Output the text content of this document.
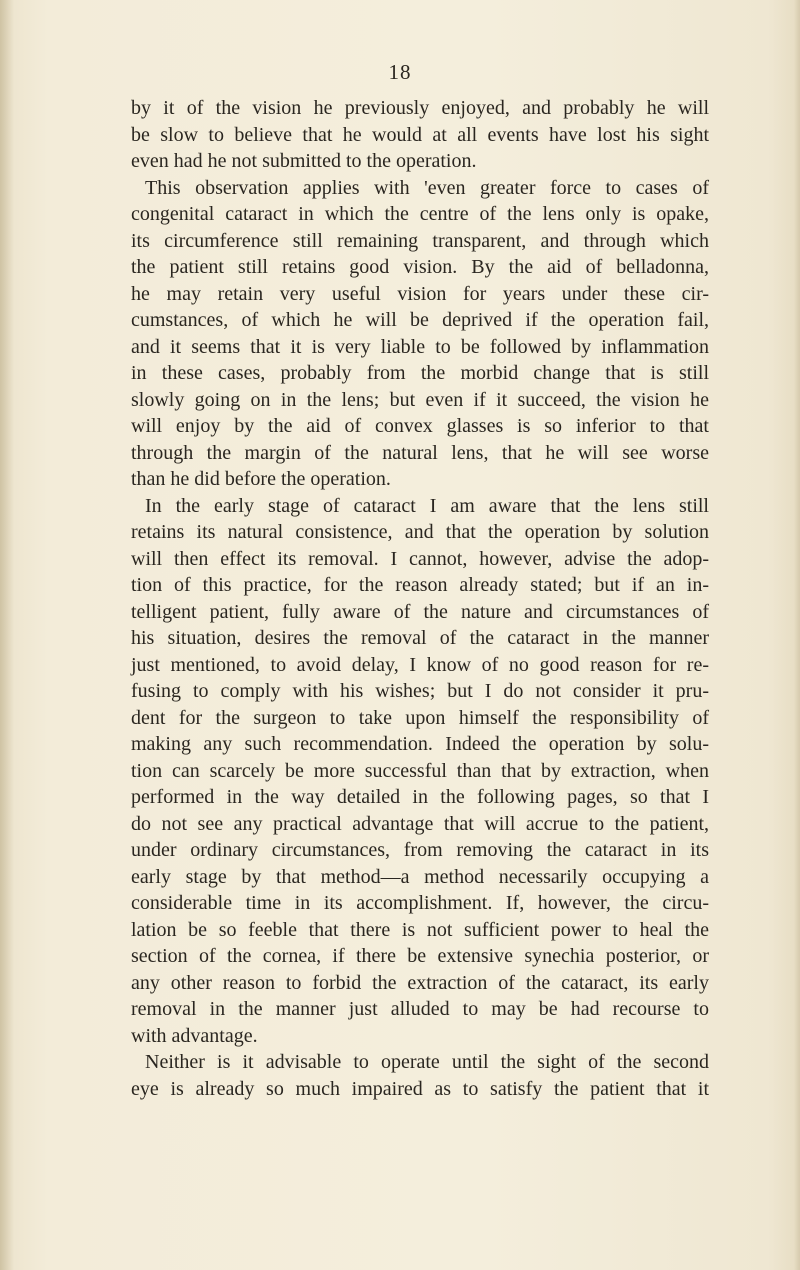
18
by it of the vision he previously enjoyed, and probably he will
be slow to believe that he would at all events have lost his sight
even had he not submitted to the operation.
This observation applies with 'even greater force to cases of
congenital cataract in which the centre of the lens only is opake,
its circumference still remaining transparent, and through which
the patient still retains good vision. By the aid of belladonna,
he may retain very useful vision for years under these cir-
cumstances, of which he will be deprived if the operation fail,
and it seems that it is very liable to be followed by inflammation
in these cases, probably from the morbid change that is still
slowly going on in the lens; but even if it succeed, the vision he
will enjoy by the aid of convex glasses is so inferior to that
through the margin of the natural lens, that he will see worse
than he did before the operation.
In the early stage of cataract I am aware that the lens still
retains its natural consistence, and that the operation by solution
will then effect its removal. I cannot, however, advise the adop-
tion of this practice, for the reason already stated; but if an in-
telligent patient, fully aware of the nature and circumstances of
his situation, desires the removal of the cataract in the manner
just mentioned, to avoid delay, I know of no good reason for re-
fusing to comply with his wishes; but I do not consider it pru-
dent for the surgeon to take upon himself the responsibility of
making any such recommendation. Indeed the operation by solu-
tion can scarcely be more successful than that by extraction, when
performed in the way detailed in the following pages, so that I
do not see any practical advantage that will accrue to the patient,
under ordinary circumstances, from removing the cataract in its
early stage by that method—a method necessarily occupying a
considerable time in its accomplishment. If, however, the circu-
lation be so feeble that there is not sufficient power to heal the
section of the cornea, if there be extensive synechia posterior, or
any other reason to forbid the extraction of the cataract, its early
removal in the manner just alluded to may be had recourse to
with advantage.
Neither is it advisable to operate until the sight of the second
eye is already so much impaired as to satisfy the patient that it
